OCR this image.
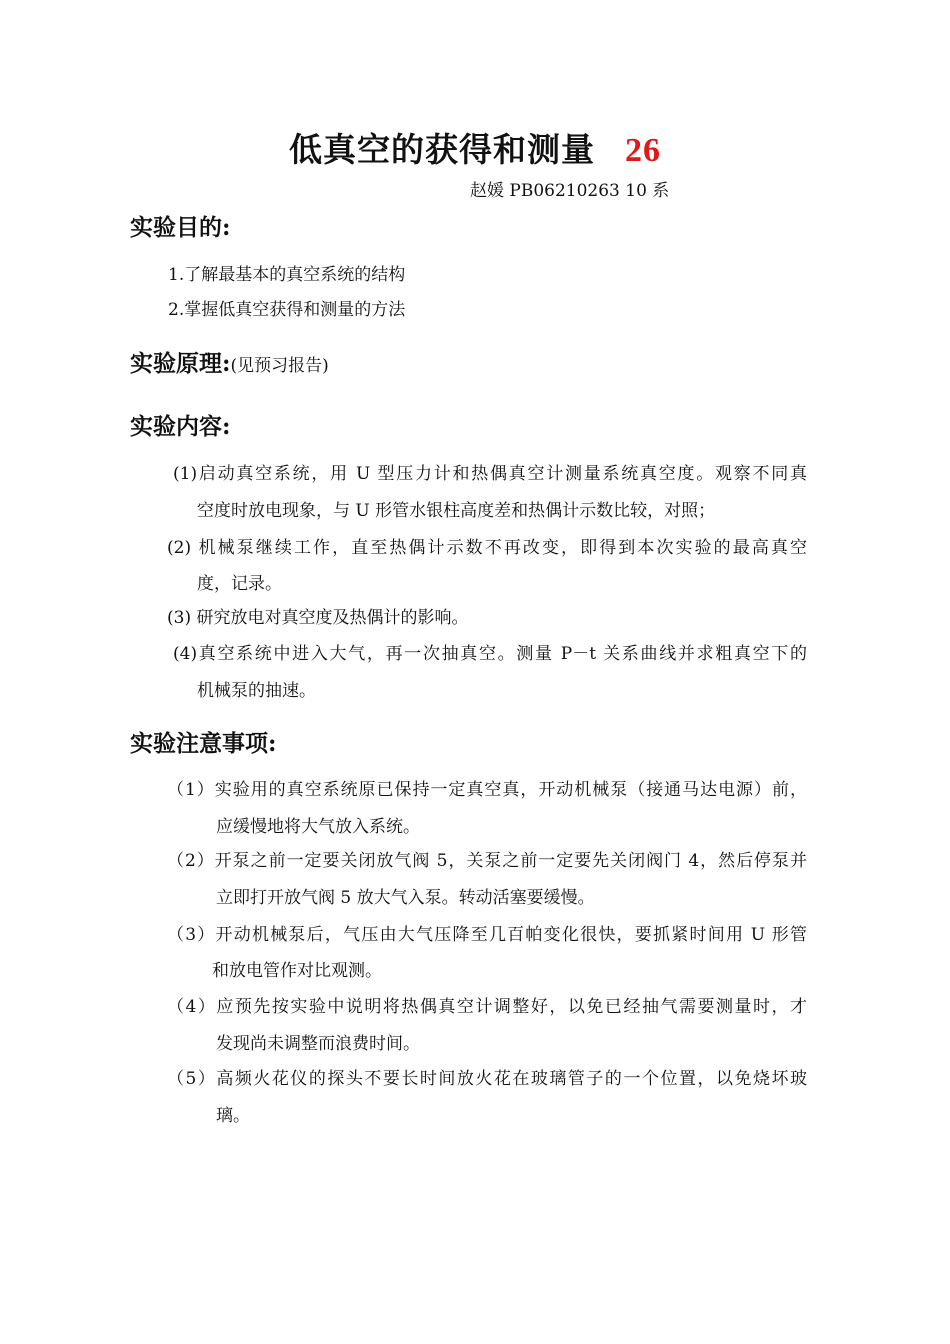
低真空的获得和测量 26
赵媛 PB06210263 10 系
实验目的:
1.了解最基本的真空系统的结构
2.掌握低真空获得和测量的方法
实验原理:(见预习报告)
实验内容:
(1)启动真空系统，用 U 型压力计和热偶真空计测量系统真空度。观察不同真
空度时放电现象，与 U 形管水银柱高度差和热偶计示数比较，对照；
(2) 机械泵继续工作，直至热偶计示数不再改变，即得到本次实验的最高真空
度，记录。
(3) 研究放电对真空度及热偶计的影响。
(4)真空系统中进入大气，再一次抽真空。测量 P－t 关系曲线并求粗真空下的
机械泵的抽速。
实验注意事项:
（1）实验用的真空系统原已保持一定真空真，开动机械泵（接通马达电源）前，
应缓慢地将大气放入系统。
（2）开泵之前一定要关闭放气阀 5，关泵之前一定要先关闭阀门 4，然后停泵并
立即打开放气阀 5 放大气入泵。转动活塞要缓慢。
（3）开动机械泵后，气压由大气压降至几百帕变化很快，要抓紧时间用 U 形管
和放电管作对比观测。
（4）应预先按实验中说明将热偶真空计调整好，以免已经抽气需要测量时，才
发现尚未调整而浪费时间。
（5）高频火花仪的探头不要长时间放火花在玻璃管子的一个位置，以免烧坏玻
璃。
